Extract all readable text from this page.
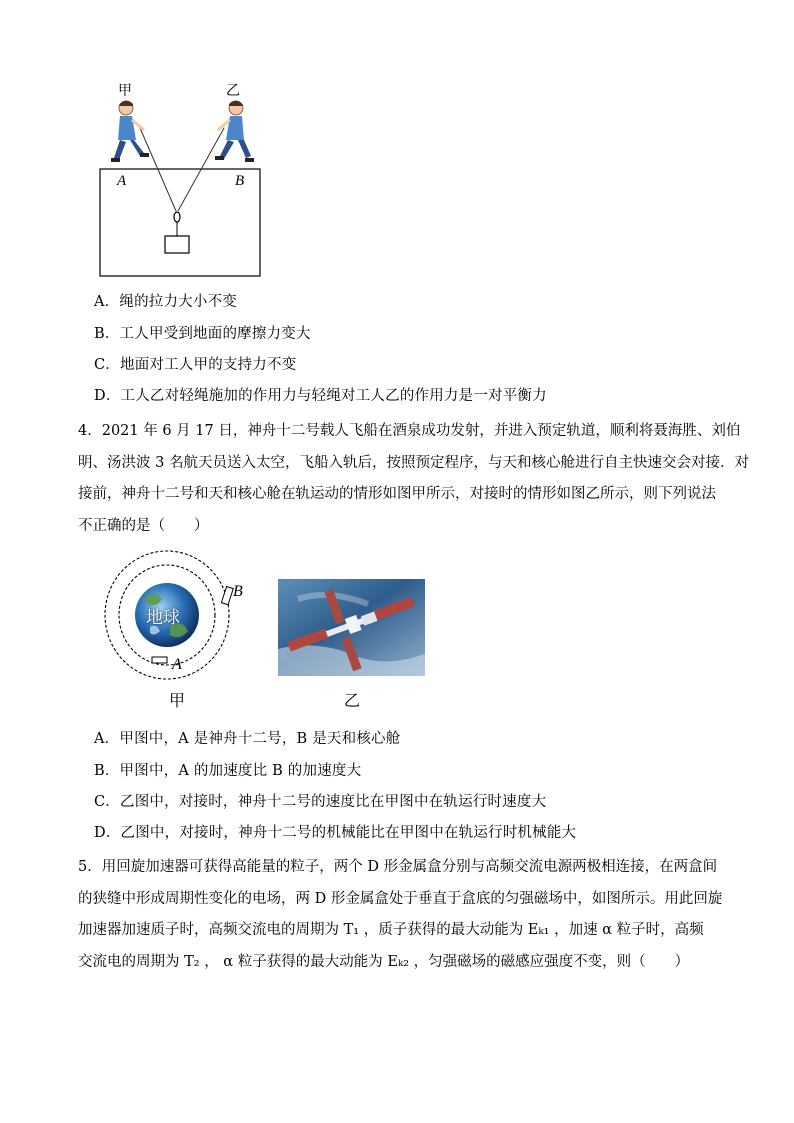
甲	乙
A	B
A．绳的拉力大小不变
B．工人甲受到地面的摩擦力变大
C．地面对工人甲的支持力不变
D．工人乙对轻绳施加的作用力与轻绳对工人乙的作用力是一对平衡力
4．2021 年 6 月 17 日，神舟十二号载人飞船在酒泉成功发射，并进入预定轨道，顺利将聂海胜、刘伯
明、汤洪波 3 名航天员送入太空，飞船入轨后，按照预定程序，与天和核心舱进行自主快速交会对接．对
接前，神舟十二号和天和核心舱在轨运动的情形如图甲所示，对接时的情形如图乙所示，则下列说法
不正确的是（　　）
地球
B
A
甲	乙
A．甲图中，A 是神舟十二号，B 是天和核心舱
B．甲图中，A 的加速度比 B 的加速度大
C．乙图中，对接时，神舟十二号的速度比在甲图中在轨运行时速度大
D．乙图中，对接时，神舟十二号的机械能比在甲图中在轨运行时机械能大
5．用回旋加速器可获得高能量的粒子，两个 D 形金属盒分别与高频交流电源两极相连接，在两盒间
的狭缝中形成周期性变化的电场，两 D 形金属盒处于垂直于盒底的匀强磁场中，如图所示。用此回旋
加速器加速质子时，高频交流电的周期为 T₁ ，质子获得的最大动能为 Eₖ₁ ，加速 α 粒子时，高频
交流电的周期为 T₂ ， α 粒子获得的最大动能为 Eₖ₂ ，匀强磁场的磁感应强度不变，则（　　）
